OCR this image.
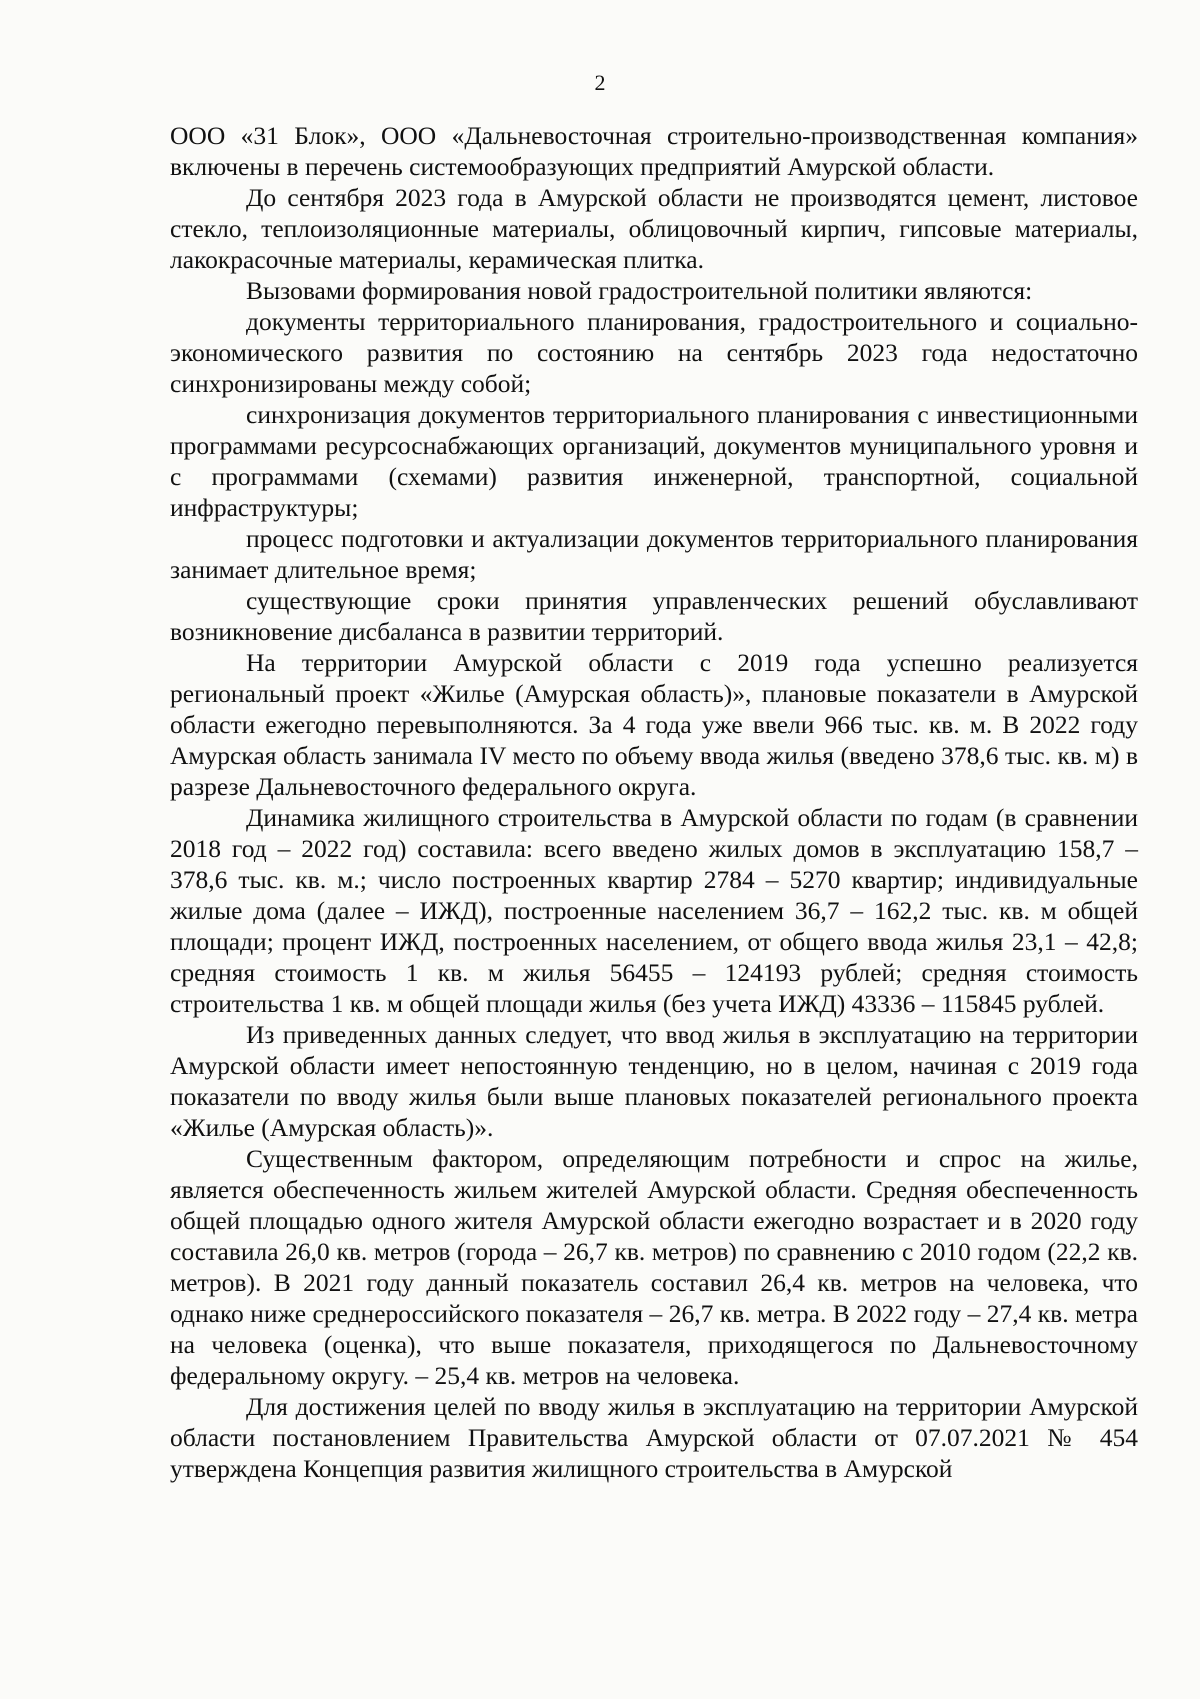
2

ООО «31 Блок», ООО «Дальневосточная строительно-производственная компания» включены в перечень системообразующих предприятий Амурской области.

До сентября 2023 года в Амурской области не производятся цемент, листовое стекло, теплоизоляционные материалы, облицовочный кирпич, гипсовые материалы, лакокрасочные материалы, керамическая плитка.

Вызовами формирования новой градостроительной политики являются:

документы территориального планирования, градостроительного и социально-экономического развития по состоянию на сентябрь 2023 года недостаточно синхронизированы между собой;

синхронизация документов территориального планирования с инвестиционными программами ресурсоснабжающих организаций, документов муниципального уровня и с программами (схемами) развития инженерной, транспортной, социальной инфраструктуры;

процесс подготовки и актуализации документов территориального планирования занимает длительное время;

существующие сроки принятия управленческих решений обуславливают возникновение дисбаланса в развитии территорий.

На территории Амурской области с 2019 года успешно реализуется региональный проект «Жилье (Амурская область)», плановые показатели в Амурской области ежегодно перевыполняются. За 4 года уже ввели 966 тыс. кв. м. В 2022 году Амурская область занимала IV место по объему ввода жилья (введено 378,6 тыс. кв. м) в разрезе Дальневосточного федерального округа.

Динамика жилищного строительства в Амурской области по годам (в сравнении 2018 год – 2022 год) составила: всего введено жилых домов в эксплуатацию 158,7 – 378,6 тыс. кв. м.; число построенных квартир 2784 – 5270 квартир; индивидуальные жилые дома (далее – ИЖД), построенные населением 36,7 – 162,2 тыс. кв. м общей площади; процент ИЖД, построенных населением, от общего ввода жилья 23,1 – 42,8; средняя стоимость 1 кв. м жилья 56455 – 124193 рублей; средняя стоимость строительства 1 кв. м общей площади жилья (без учета ИЖД) 43336 – 115845 рублей.

Из приведенных данных следует, что ввод жилья в эксплуатацию на территории Амурской области имеет непостоянную тенденцию, но в целом, начиная с 2019 года показатели по вводу жилья были выше плановых показателей регионального проекта «Жилье (Амурская область)».

Существенным фактором, определяющим потребности и спрос на жилье, является обеспеченность жильем жителей Амурской области. Средняя обеспеченность общей площадью одного жителя Амурской области ежегодно возрастает и в 2020 году составила 26,0 кв. метров (города – 26,7 кв. метров) по сравнению с 2010 годом (22,2 кв. метров). В 2021 году данный показатель составил 26,4 кв. метров на человека, что однако ниже среднероссийского показателя – 26,7 кв. метра. В 2022 году – 27,4 кв. метра на человека (оценка), что выше показателя, приходящегося по Дальневосточному федеральному округу. – 25,4 кв. метров на человека.

Для достижения целей по вводу жилья в эксплуатацию на территории Амурской области постановлением Правительства Амурской области от 07.07.2021 № 454 утверждена Концепция развития жилищного строительства в Амурской
